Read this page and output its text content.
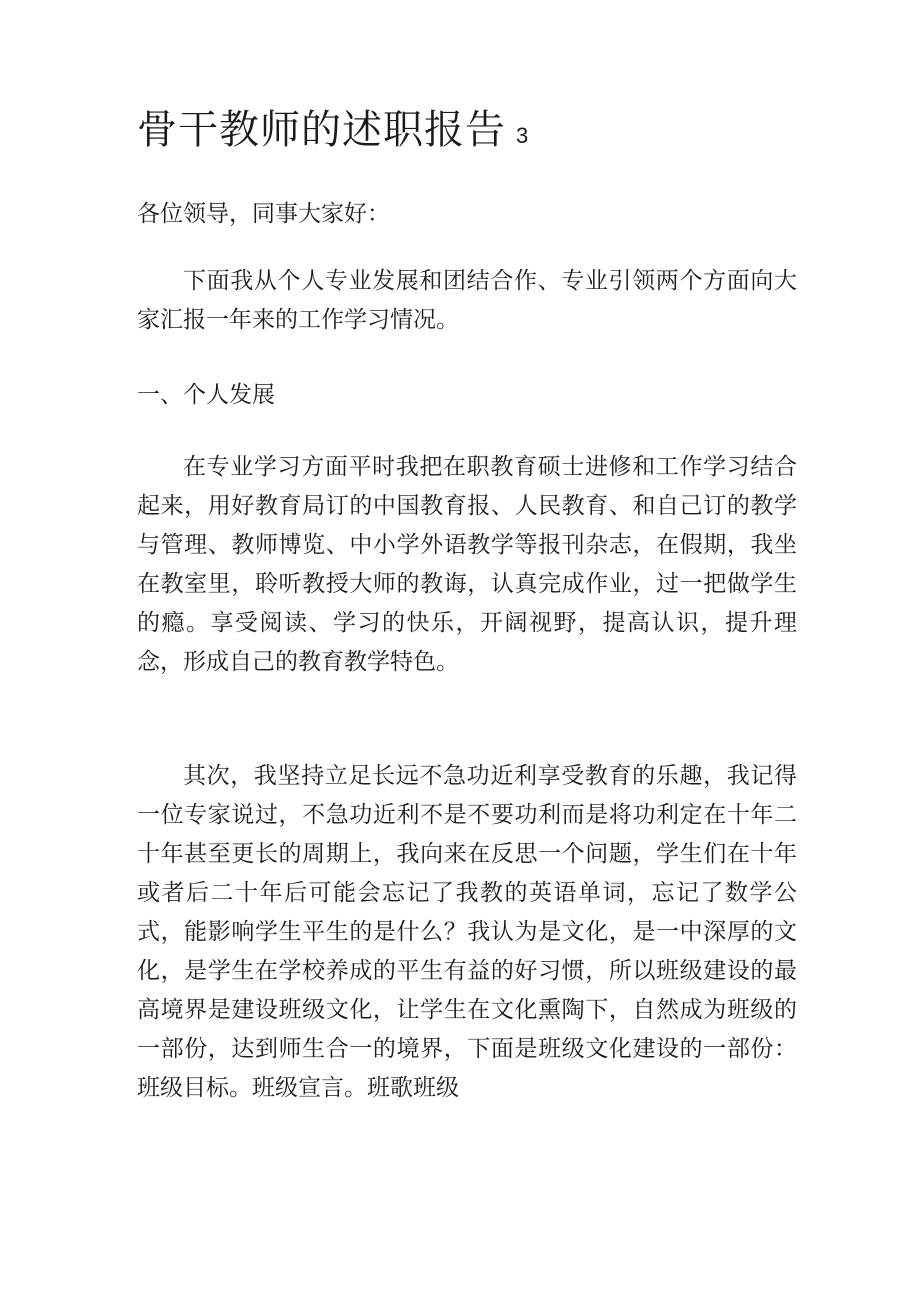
骨干教师的述职报告 3
各位领导，同事大家好：

下面我从个人专业发展和团结合作、专业引领两个方面向大家汇报一年来的工作学习情况。

一、个人发展

在专业学习方面平时我把在职教育硕士进修和工作学习结合起来，用好教育局订的中国教育报、人民教育、和自己订的教学与管理、教师博览、中小学外语教学等报刊杂志，在假期，我坐在教室里，聆听教授大师的教诲，认真完成作业，过一把做学生的瘾。享受阅读、学习的快乐，开阔视野，提高认识，提升理念，形成自己的教育教学特色。

其次，我坚持立足长远不急功近利享受教育的乐趣，我记得一位专家说过，不急功近利不是不要功利而是将功利定在十年二十年甚至更长的周期上，我向来在反思一个问题，学生们在十年或者后二十年后可能会忘记了我教的英语单词，忘记了数学公式，能影响学生平生的是什么？我认为是文化，是一中深厚的文化，是学生在学校养成的平生有益的好习惯，所以班级建设的最高境界是建设班级文化，让学生在文化熏陶下，自然成为班级的一部份，达到师生合一的境界，下面是班级文化建设的一部份：班级目标。班级宣言。班歌班级
